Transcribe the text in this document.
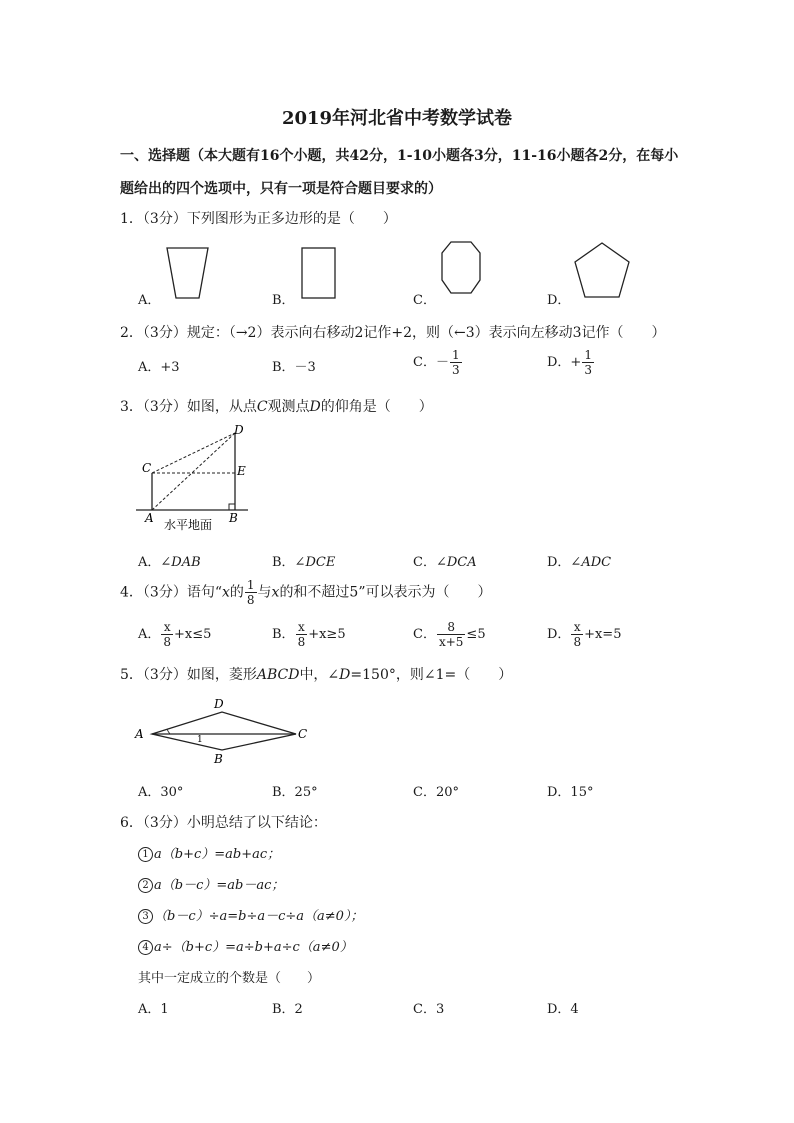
2019年河北省中考数学试卷
一、选择题（本大题有16个小题，共42分，1-10小题各3分，11-16小题各2分，在每小
题给出的四个选项中，只有一项是符合题目要求的）
1．（3分）下列图形为正多边形的是（　　）
A．	B．	C．	D．
2．（3分）规定：（→2）表示向右移动2记作+2，则（←3）表示向左移动3记作（　　）
A．+3	B．－3	C．－ $\frac{1}{3}$	D．+ $\frac{1}{3}$
3．（3分）如图，从点C观测点D的仰角是（　　）
D
C	E
A	B
水平地面
A．∠DAB	B．∠DCE	C．∠DCA	D．∠ADC
4．（3分）语句“x的 $\frac{1}{8}$ 与x的和不超过5”可以表示为（　　）
A． $\frac{x}{8} +x\le 5$	B． $\frac{x}{8} +x\ge 5$	C． $\frac{8}{x+5} \le 5$	D． $\frac{x}{8} +x=5$
5．（3分）如图，菱形ABCD中，∠D=150°，则∠1=（　　）
A
B
C
D
1
A．30°	B．25°	C．20°	D．15°
6．（3分）小明总结了以下结论：
1 a（b+c）=ab+ac；
2 a（b－c）=ab－ac；
3 （b－c）÷a=b÷a－c÷a（a≠0）；
4 a÷（b+c）=a÷b+a÷c（a≠0）
其中一定成立的个数是（　　）
A．1	B．2	C．3	D．4
